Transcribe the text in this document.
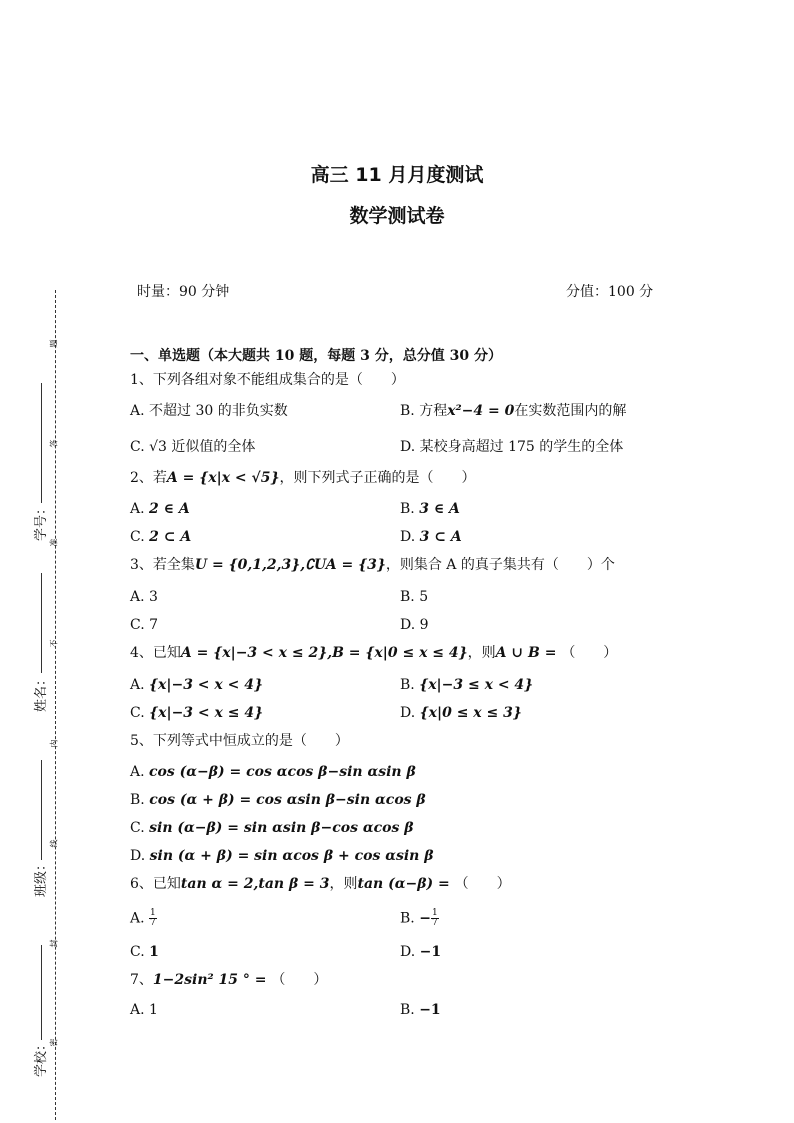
高三 11 月月度测试
数学测试卷
时量：90 分钟	分值：100 分
学号：
姓名：
班级：
学校：
题
答
准
不
内
线
封
密
一、单选题（本大题共 10 题，每题 3 分，总分值 30 分）
1、下列各组对象不能组成集合的是（　　）
A. 不超过 30 的非负实数	B. 方程x²−4 = 0在实数范围内的解
C. √3 近似值的全体	D. 某校身高超过 175 的学生的全体
2、若A = {x|x < √5}，则下列式子正确的是（　　）
A. 2 ∈ A	B. 3 ∈ A
C. 2 ⊂ A	D. 3 ⊂ A
3、若全集U = {0,1,2,3},∁UA = {3}，则集合 A 的真子集共有（　　）个
A. 3	B. 5
C. 7	D. 9
4、已知A = {x|−3 < x ≤ 2},B = {x|0 ≤ x ≤ 4}，则A ∪ B = （　　）
A. {x|−3 < x < 4}	B. {x|−3 ≤ x < 4}
C. {x|−3 < x ≤ 4}	D. {x|0 ≤ x ≤ 3}
5、下列等式中恒成立的是（　　）
A. cos (α−β) = cos αcos β−sin αsin β
B. cos (α + β) = cos αsin β−sin αcos β
C. sin (α−β) = sin αsin β−cos αcos β
D. sin (α + β) = sin αcos β + cos αsin β
6、已知tan α = 2,tan β = 3，则tan (α−β) = （　　）
A. $\frac{1}{7}$	B. − $\frac{1}{7}$
C. 1	D. −1
7、1−2sin² 15 ° = （　　）
A. 1	B. −1
